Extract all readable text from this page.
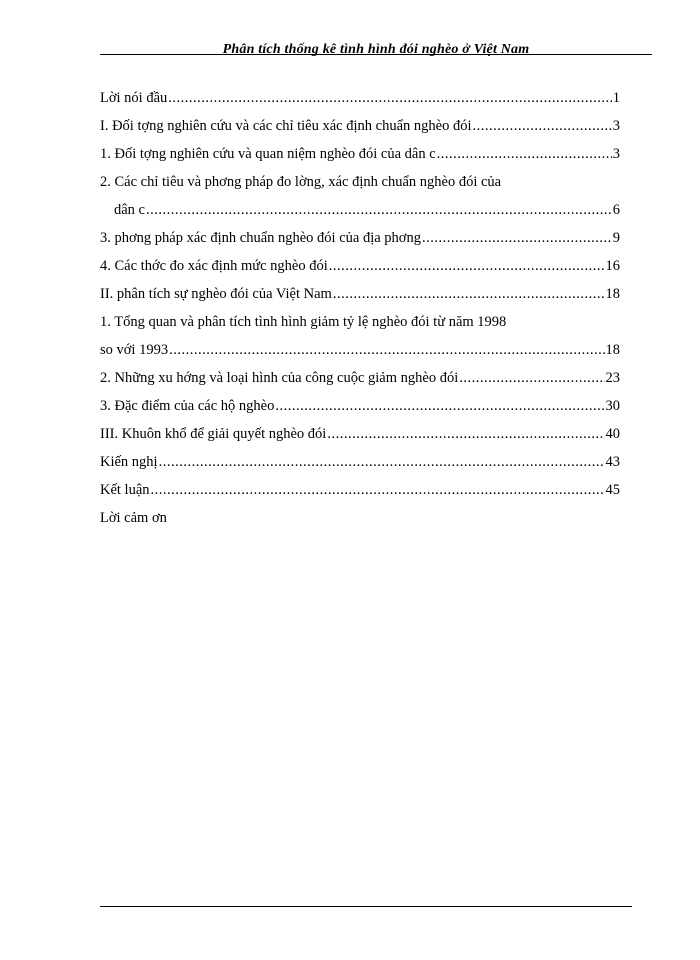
Phân tích thống kê tình hình đói nghèo ở Việt Nam
Lời nói đầu .....	1
I. Đối tợng nghiên cứu và các chỉ tiêu xác định chuẩn nghèo đói .....	3
1. Đối tợng nghiên cứu và quan niệm nghèo đói của dân c .....	3
2. Các chỉ tiêu và phơng pháp đo lờng, xác định chuẩn nghèo đói của
dân c .....	6
3. phơng pháp xác định chuẩn nghèo đói của địa phơng .....	9
4. Các thớc đo xác định mức nghèo đói .....	16
II. phân tích sự nghèo đói của Việt Nam .....	18
1. Tổng quan và phân tích tình hình giảm tỷ lệ nghèo đói từ năm 1998
so với 1993 .....	18
2. Những xu hớng và loại hình của công cuộc giảm nghèo đói .....	23
3. Đặc điểm của các hộ nghèo .....	30
III. Khuôn khổ để giải quyết nghèo đói .....	40
Kiến nghị .....	43
Kết luận .....	45
Lời cảm ơn
